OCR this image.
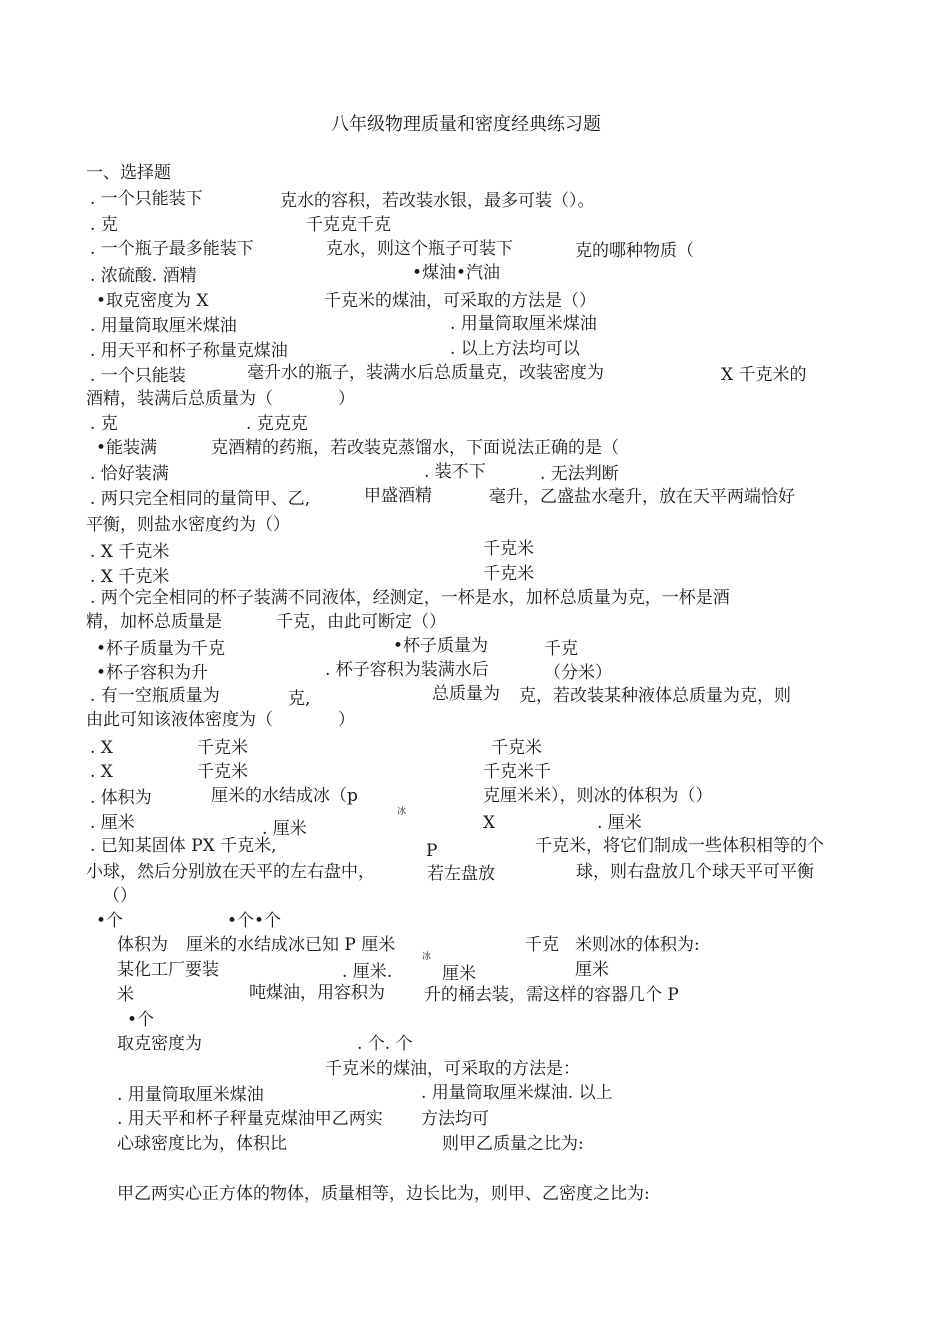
八年级物理质量和密度经典练习题
一、选择题
. 一个只能装下	克水的容积，若改装水银，最多可装（）。
. 克	千克克千克
. 一个瓶子最多能装下	克水，则这个瓶子可装下	克的哪种物质（
. 浓硫酸. 酒精	•煤油•汽油
•取克密度为 X	千克米的煤油，可采取的方法是（）
. 用量筒取厘米煤油	. 用量筒取厘米煤油
. 用天平和杯子称量克煤油	. 以上方法均可以
. 一个只能装	毫升水的瓶子，装满水后总质量克，改装密度为	X 千克米的
酒精，装满后总质量为（	）
. 克	. 克克克
•能装满	克酒精的药瓶，若改装克蒸馏水，下面说法正确的是（
. 恰好装满	. 装不下	. 无法判断
. 两只完全相同的量筒甲、乙,	甲盛酒精	毫升，乙盛盐水毫升，放在天平两端恰好
平衡，则盐水密度约为（）
. X 千克米	千克米
. X 千克米	千克米
. 两个完全相同的杯子装满不同液体，经测定，一杯是水，加杯总质量为克，一杯是酒
精，加杯总质量是	千克，由此可断定（）
•杯子质量为千克	•杯子质量为	千克
•杯子容积为升	. 杯子容积为装满水后	（分米）
. 有一空瓶质量为	克,	总质量为 克，若改装某种液体总质量为克，则
由此可知该液体密度为（	）
. X	千克米	千克米
. X	千克米	千克米千
. 体积为	厘米的水结成冰（p	克厘米米），则冰的体积为（）
冰
. 厘米	. 厘米	X	. 厘米
. 已知某固体 PX 千克米,	P	千克米，将它们制成一些体积相等的个
小球，然后分别放在天平的左右盘中，	若左盘放	球，则右盘放几个球天平可平衡
（）
•个	•个•个
体积为 厘米的水结成冰已知 P 厘米
冰
千克 米则冰的体积为:
某化工厂要装	. 厘米.	厘米	厘米
米	吨煤油，用容积为 升的桶去装，需这样的容器几个 P
•个
取克密度为	. 个. 个
千克米的煤油，可采取的方法是：
. 用量筒取厘米煤油	. 用量筒取厘米煤油. 以上
. 用天平和杯子秤量克煤油甲乙两实 方法均可
心球密度比为，体积比	则甲乙质量之比为:
甲乙两实心正方体的物体，质量相等，边长比为，则甲、乙密度之比为:
